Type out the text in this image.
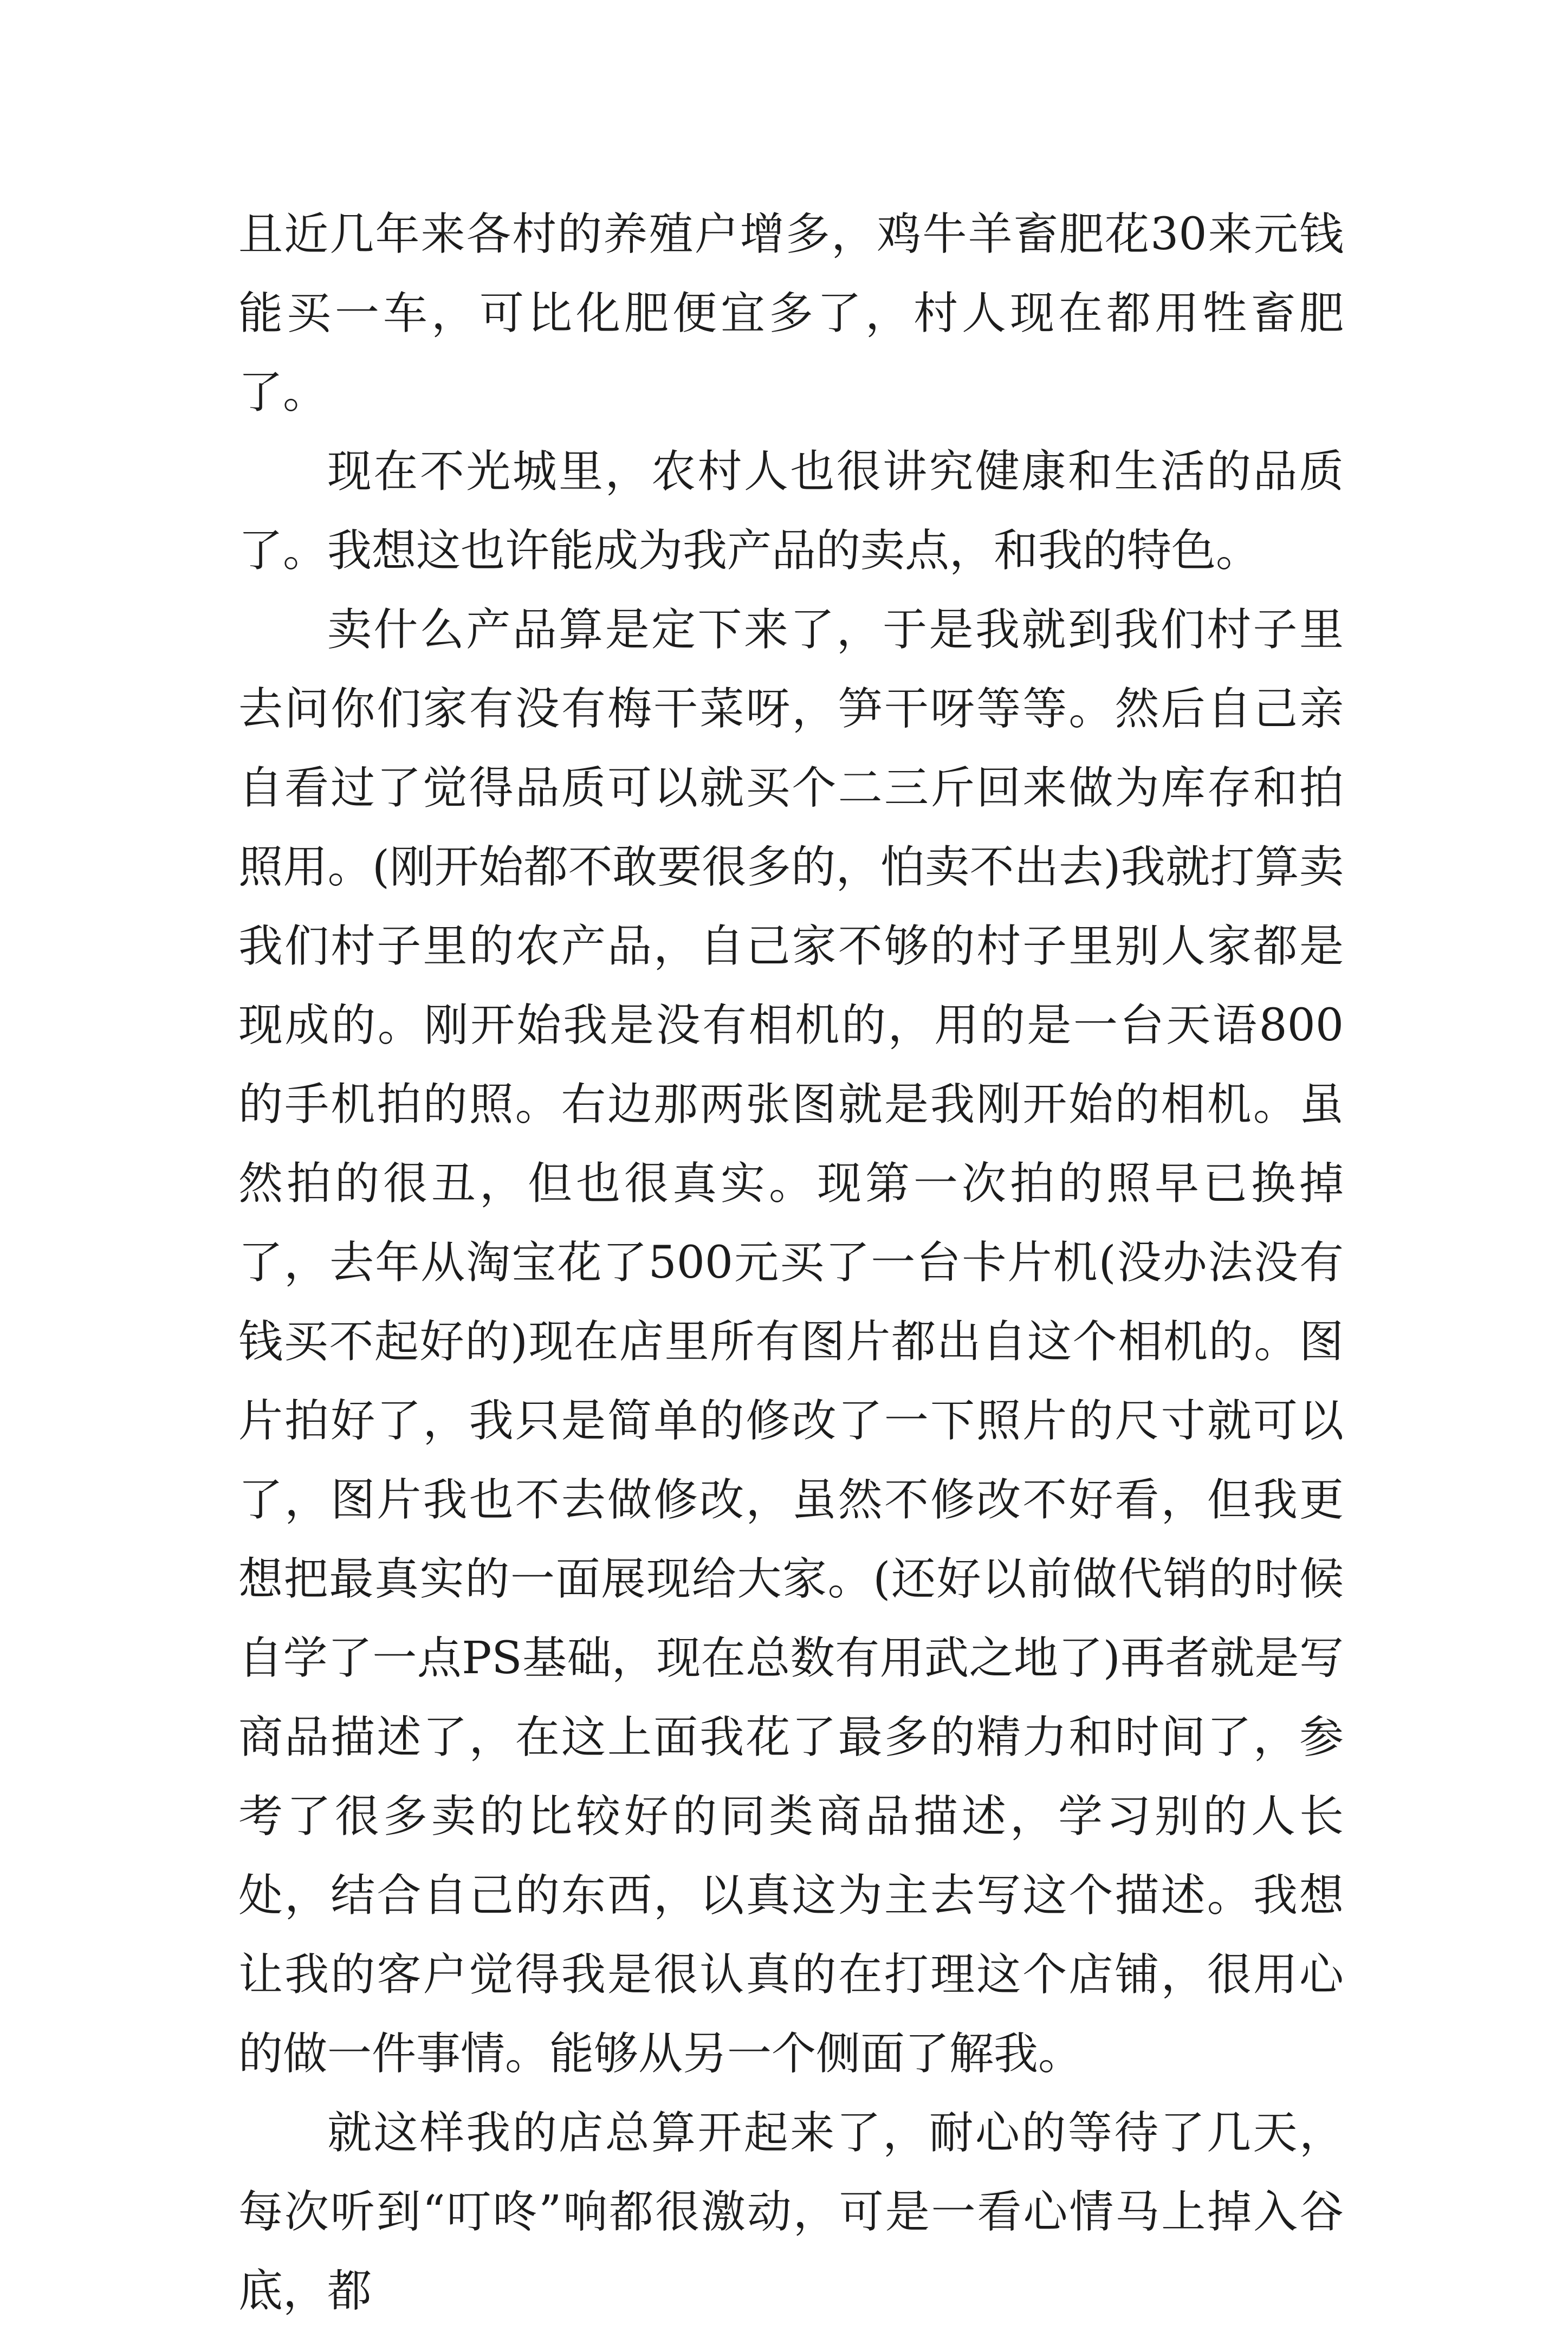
且近几年来各村的养殖户增多，鸡牛羊畜肥花30来元钱能买一车，可比化肥便宜多了，村人现在都用牲畜肥了。

现在不光城里，农村人也很讲究健康和生活的品质了。我想这也许能成为我产品的卖点，和我的特色。

卖什么产品算是定下来了，于是我就到我们村子里去问你们家有没有梅干菜呀，笋干呀等等。然后自己亲自看过了觉得品质可以就买个二三斤回来做为库存和拍照用。(刚开始都不敢要很多的，怕卖不出去)我就打算卖我们村子里的农产品，自己家不够的村子里别人家都是现成的。刚开始我是没有相机的，用的是一台天语800的手机拍的照。右边那两张图就是我刚开始的相机。虽然拍的很丑，但也很真实。现第一次拍的照早已换掉了，去年从淘宝花了500元买了一台卡片机(没办法没有钱买不起好的)现在店里所有图片都出自这个相机的。图片拍好了，我只是简单的修改了一下照片的尺寸就可以了，图片我也不去做修改，虽然不修改不好看，但我更想把最真实的一面展现给大家。(还好以前做代销的时候自学了一点PS基础，现在总数有用武之地了)再者就是写商品描述了，在这上面我花了最多的精力和时间了，参考了很多卖的比较好的同类商品描述，学习别的人长处，结合自己的东西，以真这为主去写这个描述。我想让我的客户觉得我是很认真的在打理这个店铺，很用心的做一件事情。能够从另一个侧面了解我。

就这样我的店总算开起来了，耐心的等待了几天，每次听到“叮咚”响都很激动，可是一看心情马上掉入谷底，都
